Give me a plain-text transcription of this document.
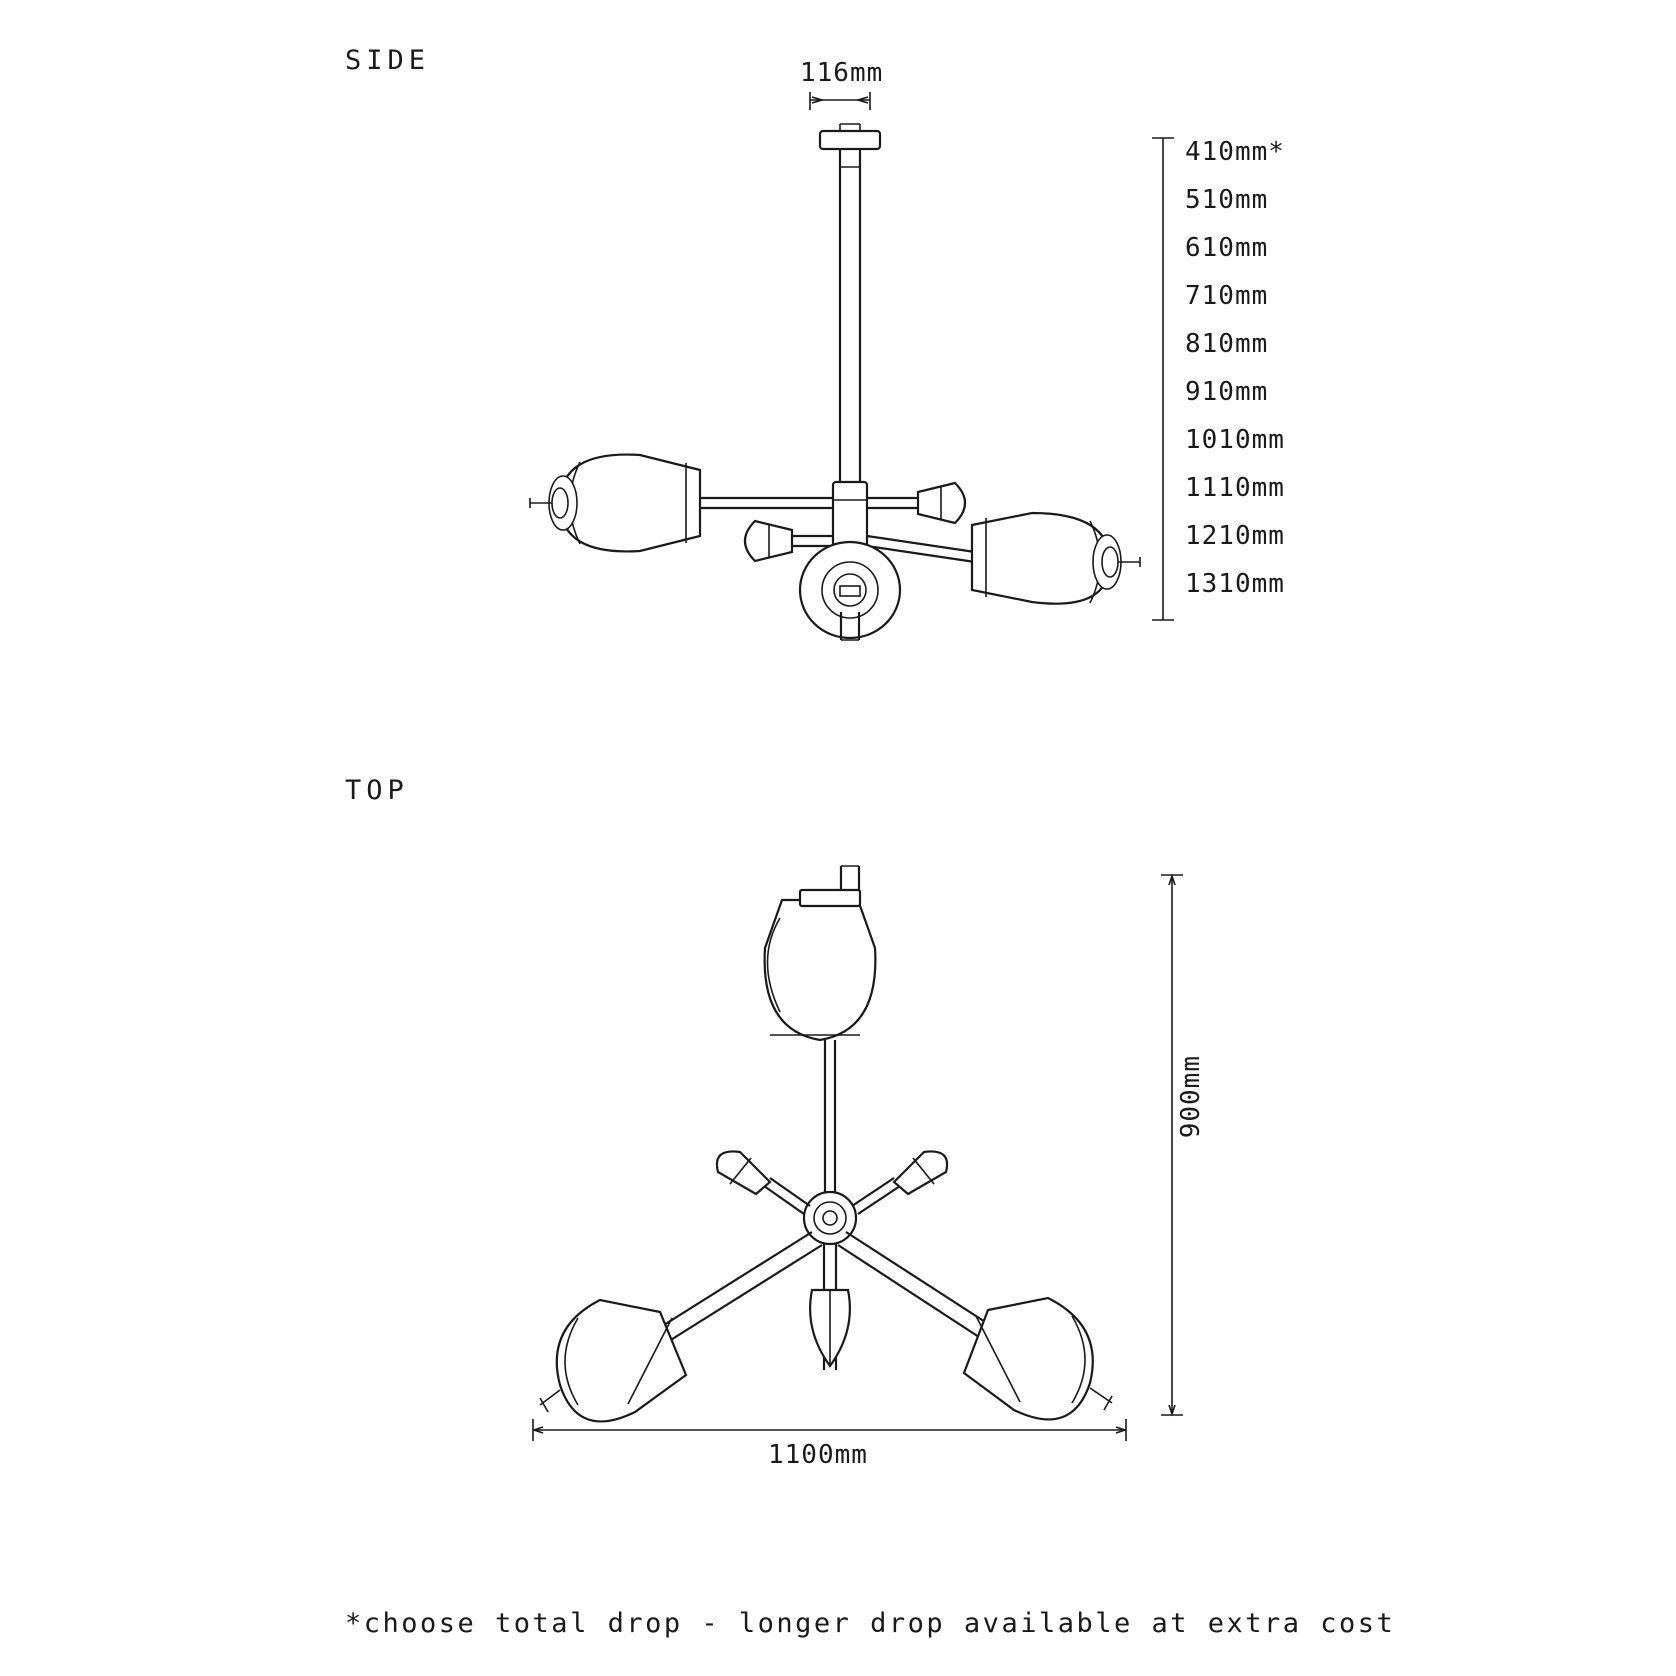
SIDE	116mm
410mm*
510mm
610mm
710mm
810mm
910mm
1010mm
1110mm
1210mm
1310mm
TOP
900mm
1100mm
*choose total drop - longer drop available at extra cost
